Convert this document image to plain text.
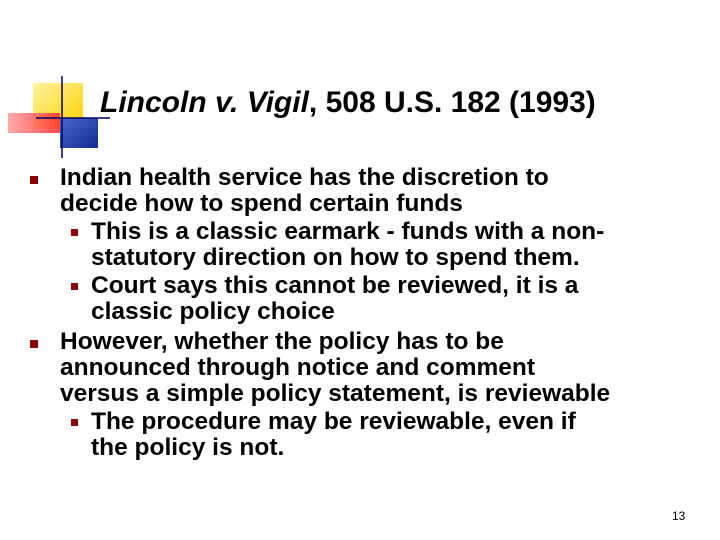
Lincoln v. Vigil, 508 U.S. 182 (1993)
Indian health service has the discretion to
decide how to spend certain funds
This is a classic earmark - funds with a non-
statutory direction on how to spend them.
Court says this cannot be reviewed, it is a
classic policy choice
However, whether the policy has to be
announced through notice and comment
versus a simple policy statement, is reviewable
The procedure may be reviewable, even if
the policy is not.
13
